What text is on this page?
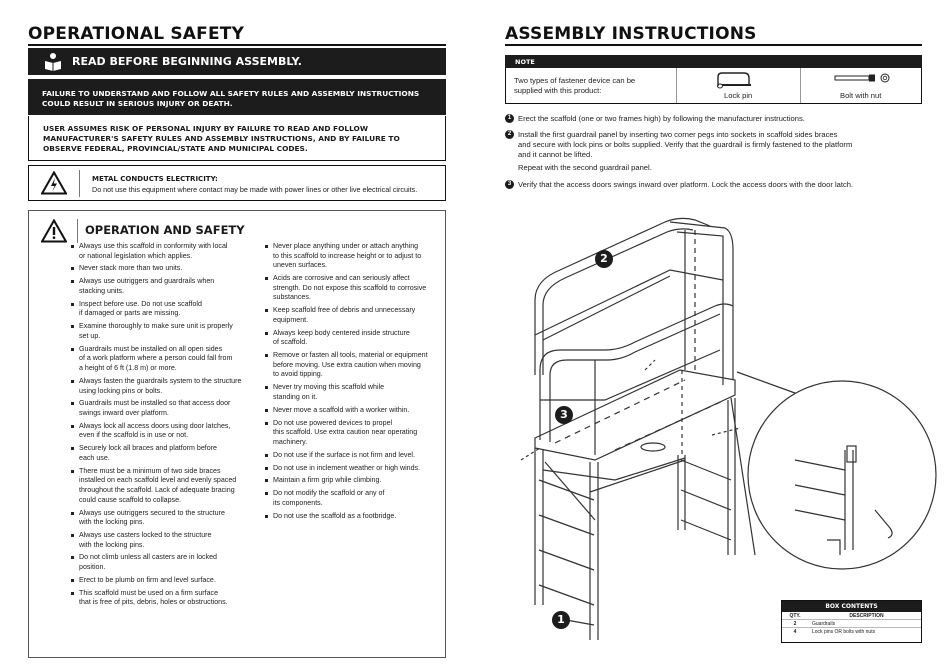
OPERATIONAL SAFETY
READ BEFORE BEGINNING ASSEMBLY.
FAILURE TO UNDERSTAND AND FOLLOW ALL SAFETY RULES AND ASSEMBLY INSTRUCTIONS
COULD RESULT IN SERIOUS INJURY OR DEATH.
USER ASSUMES RISK OF PERSONAL INJURY BY FAILURE TO READ AND FOLLOW
MANUFACTURER'S SAFETY RULES AND ASSEMBLY INSTRUCTIONS, AND BY FAILURE TO
OBSERVE FEDERAL, PROVINCIAL/STATE AND MUNICIPAL CODES.
METAL CONDUCTS ELECTRICITY:
Do not use this equipment where contact may be made with power lines or other live electrical circuits.
OPERATION AND SAFETY
Always use this scaffold in conformity with local
or national legislation which applies.
Never stack more than two units.
Always use outriggers and guardrails when
stacking units.
Inspect before use. Do not use scaffold
if damaged or parts are missing.
Examine thoroughly to make sure unit is properly
set up.
Guardrails must be installed on all open sides
of a work platform where a person could fall from
a height of 6 ft (1.8 m) or more.
Always fasten the guardrails system to the structure
using locking pins or bolts.
Guardrails must be installed so that access door
swings inward over platform.
Always lock all access doors using door latches,
even if the scaffold is in use or not.
Securely lock all braces and platform before
each use.
There must be a minimum of two side braces
installed on each scaffold level and evenly spaced
throughout the scaffold. Lack of adequate bracing
could cause scaffold to collapse.
Always use outriggers secured to the structure
with the locking pins.
Always use casters locked to the structure
with the locking pins.
Do not climb unless all casters are in locked
position.
Erect to be plumb on firm and level surface.
This scaffold must be used on a firm surface
that is free of pits, debris, holes or obstructions.
Never place anything under or attach anything
to this scaffold to increase height or to adjust to
uneven surfaces.
Acids are corrosive and can seriously affect
strength. Do not expose this scaffold to corrosive
substances.
Keep scaffold free of debris and unnecessary
equipment.
Always keep body centered inside structure
of scaffold.
Remove or fasten all tools, material or equipment
before moving. Use extra caution when moving
to avoid tipping.
Never try moving this scaffold while
standing on it.
Never move a scaffold with a worker within.
Do not use powered devices to propel
this scaffold. Use extra caution near operating
machinery.
Do not use if the surface is not firm and level.
Do not use in inclement weather or high winds.
Maintain a firm grip while climbing.
Do not modify the scaffold or any of
its components.
Do not use the scaffold as a footbridge.
ASSEMBLY INSTRUCTIONS
NOTE
Two types of fastener device can be
supplied with this product:
Lock pin	Bolt with nut
1 Erect the scaffold (one or two frames high) by following the manufacturer instructions.
2 Install the first guardrail panel by inserting two corner pegs into sockets in scaffold sides braces
and secure with lock pins or bolts supplied. Verify that the guardrail is firmly fastened to the platform
and it cannot be lifted.
Repeat with the second guardrail panel.
3 Verify that the access doors swings inward over platform. Lock the access doors with the door latch.
2
3
1
BOX CONTENTS
QTY.	DESCRIPTION
2	Guardrails
4	Lock pins OR bolts with nuts
